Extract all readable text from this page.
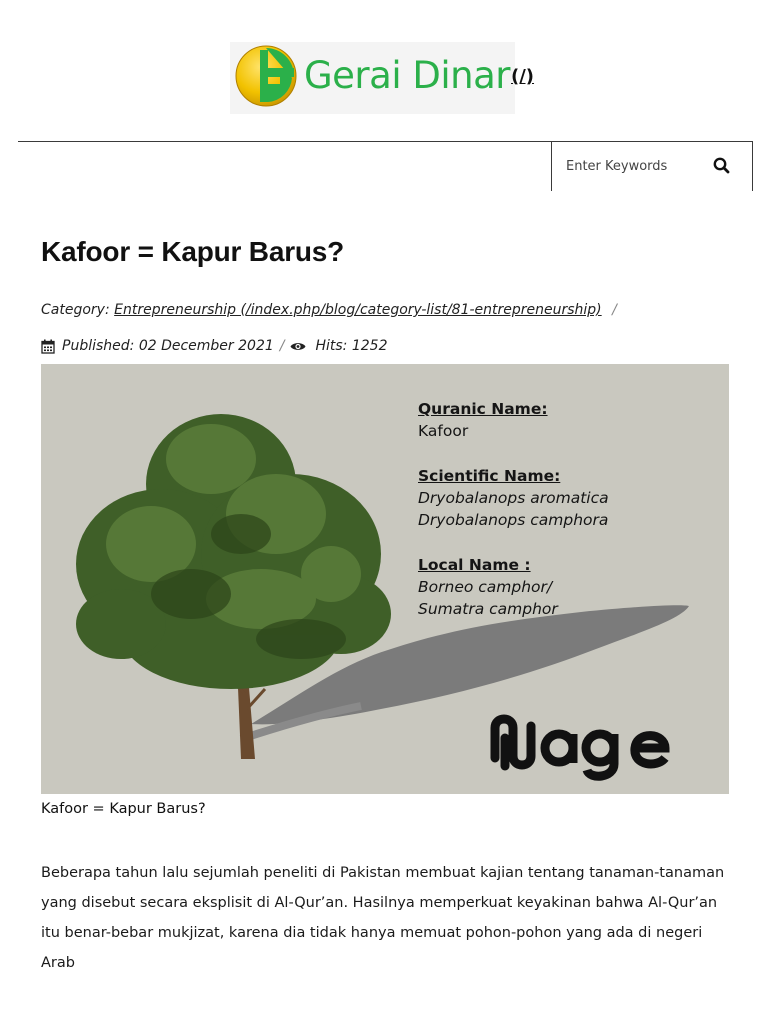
Gerai Dinar (/)
Enter Keywords
Kafoor = Kapur Barus?
Category: Entrepreneurship (/index.php/blog/category-list/81-entrepreneurship) /
Published: 02 December 2021 / Hits: 1252
Quranic Name:
Kafoor
Scientific Name:
Dryobalanops aromatica
Dryobalanops camphora
Local Name :
Borneo camphor/
Sumatra camphor
Kafoor = Kapur Barus?

Beberapa tahun lalu sejumlah peneliti di Pakistan membuat kajian tentang tanaman-tanaman yang disebut secara eksplisit di Al-Qur’an. Hasilnya memperkuat keyakinan bahwa Al-Qur’an itu benar-bebar mukjizat, karena dia tidak hanya memuat pohon-pohon yang ada di negeri Arab
